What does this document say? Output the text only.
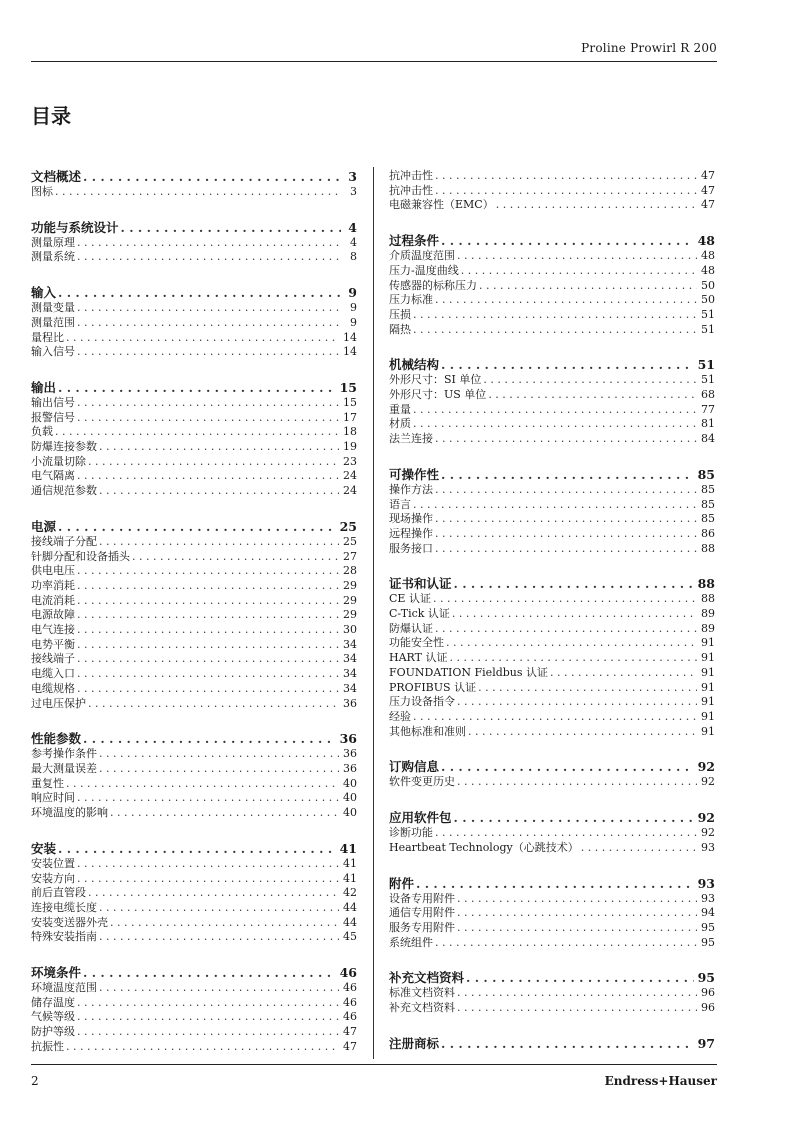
Proline Prowirl R 200
目录
文档概述 . . .	3
图标 . . .	3
功能与系统设计 . . .	4
测量原理 . . .	4
测量系统 . . .	8
输入 . . .	9
测量变量 . . .	9
测量范围 . . .	9
量程比 . . .	14
输入信号 . . .	14
输出 . . .	15
输出信号 . . .	15
报警信号 . . .	17
负载 . . .	18
防爆连接参数 . . .	19
小流量切除 . . .	23
电气隔离 . . .	24
通信规范参数 . . .	24
电源 . . .	25
接线端子分配 . . .	25
针脚分配和设备插头 . . .	27
供电电压 . . .	28
功率消耗 . . .	29
电流消耗 . . .	29
电源故障 . . .	29
电气连接 . . .	30
电势平衡 . . .	34
接线端子 . . .	34
电缆入口 . . .	34
电缆规格 . . .	34
过电压保护 . . .	36
性能参数 . . .	36
参考操作条件 . . .	36
最大测量误差 . . .	36
重复性 . . .	40
响应时间 . . .	40
环境温度的影响 . . .	40
安装 . . .	41
安装位置 . . .	41
安装方向 . . .	41
前后直管段 . . .	42
连接电缆长度 . . .	44
安装变送器外壳 . . .	44
特殊安装指南 . . .	45
环境条件 . . .	46
环境温度范围 . . .	46
储存温度 . . .	46
气候等级 . . .	46
防护等级 . . .	47
抗振性 . . .	47
抗冲击性 . . .	47
抗冲击性 . . .	47
电磁兼容性（EMC） . . .	47
过程条件 . . .	48
介质温度范围 . . .	48
压力-温度曲线 . . .	48
传感器的标称压力 . . .	50
压力标准 . . .	50
压损 . . .	51
隔热 . . .	51
机械结构 . . .	51
外形尺寸：SI 单位 . . .	51
外形尺寸：US 单位 . . .	68
重量 . . .	77
材质 . . .	81
法兰连接 . . .	84
可操作性 . . .	85
操作方法 . . .	85
语言 . . .	85
现场操作 . . .	85
远程操作 . . .	86
服务接口 . . .	88
证书和认证 . . .	88
CE 认证 . . .	88
C-Tick 认证 . . .	89
防爆认证 . . .	89
功能安全性 . . .	91
HART 认证 . . .	91
FOUNDATION Fieldbus 认证 . . .	91
PROFIBUS 认证 . . .	91
压力设备指令 . . .	91
经验 . . .	91
其他标准和准则 . . .	91
订购信息 . . .	92
软件变更历史 . . .	92
应用软件包 . . .	92
诊断功能 . . .	92
Heartbeat Technology（心跳技术） . . .	93
附件 . . .	93
设备专用附件 . . .	93
通信专用附件 . . .	94
服务专用附件 . . .	95
系统组件 . . .	95
补充文档资料 . . .	95
标准文档资料 . . .	96
补充文档资料 . . .	96
注册商标 . . .	97
2	Endress+Hauser
